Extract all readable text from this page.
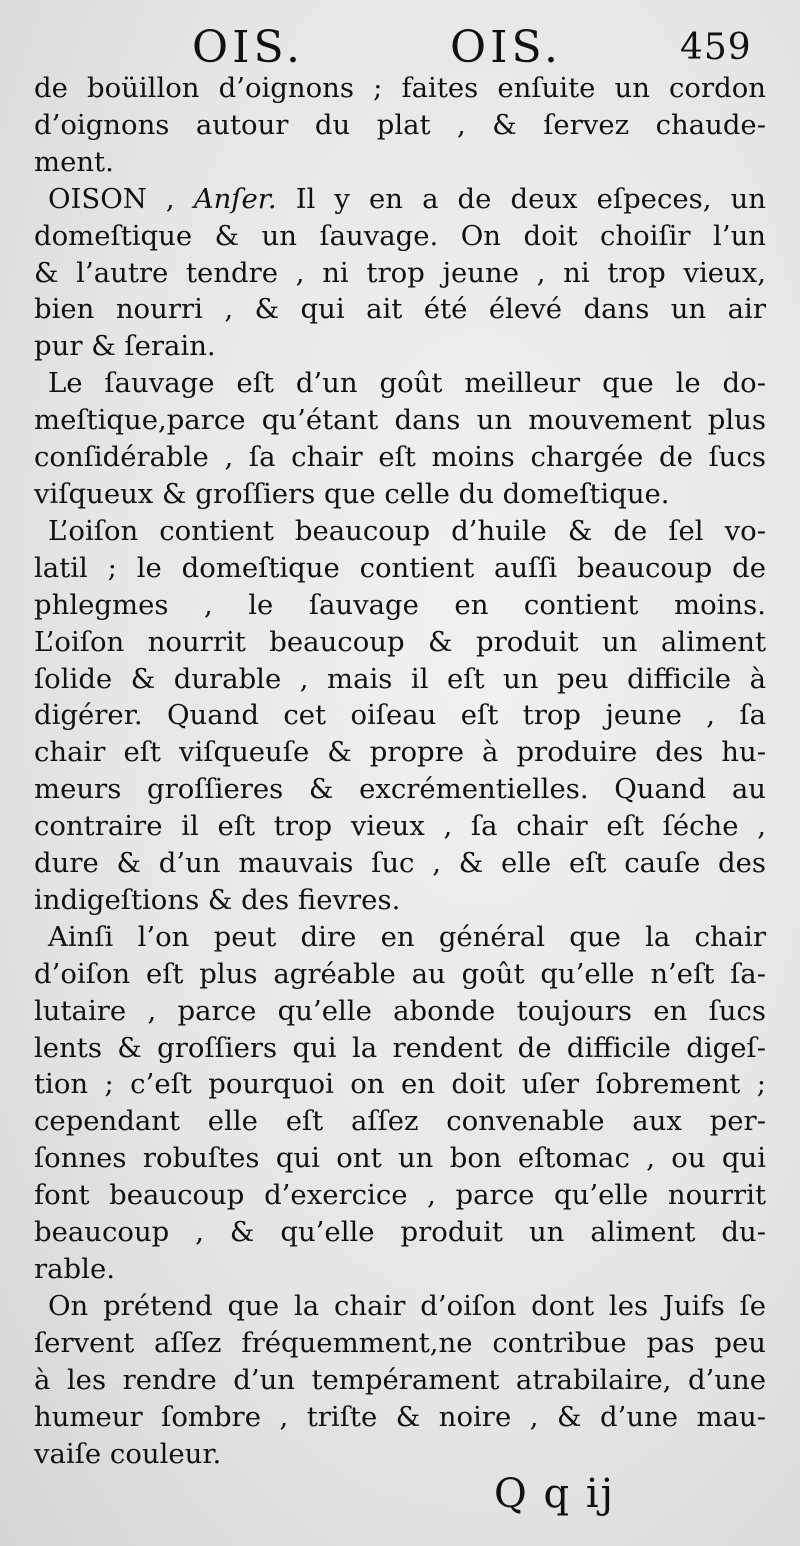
OIS.	OIS.	459
de boüillon d’oignons ; faites enſuite un cordon
d’oignons autour du plat , & ſervez chaude-
ment.
OISON , Anſer. Il y en a de deux eſpeces, un
domeſtique & un ſauvage. On doit choiſir l’un
& l’autre tendre , ni trop jeune , ni trop vieux,
bien nourri , & qui ait été élevé dans un air
pur & ſerain.
Le ſauvage eſt d’un goût meilleur que le do-
meſtique,parce qu’étant dans un mouvement plus
conſidérable , ſa chair eſt moins chargée de ſucs
viſqueux & groſſiers que celle du domeſtique.
L’oiſon contient beaucoup d’huile & de ſel vo-
latil ; le domeſtique contient auſſi beaucoup de
phlegmes , le ſauvage en contient moins.
L’oiſon nourrit beaucoup & produit un aliment
ſolide & durable , mais il eſt un peu difficile à
digérer. Quand cet oiſeau eſt trop jeune , ſa
chair eſt viſqueuſe & propre à produire des hu-
meurs groſſieres & excrémentielles. Quand au
contraire il eſt trop vieux , ſa chair eſt ſéche ,
dure & d’un mauvais ſuc , & elle eſt cauſe des
indigeſtions & des fievres.
Ainſi l’on peut dire en général que la chair
d’oiſon eſt plus agréable au goût qu’elle n’eſt ſa-
lutaire , parce qu’elle abonde toujours en ſucs
lents & groſſiers qui la rendent de difficile digeſ-
tion ; c’eſt pourquoi on en doit uſer ſobrement ;
cependant elle eſt aſſez convenable aux per-
ſonnes robuſtes qui ont un bon eſtomac , ou qui
font beaucoup d’exercice , parce qu’elle nourrit
beaucoup , & qu’elle produit un aliment du-
rable.
On prétend que la chair d’oiſon dont les Juifs ſe
ſervent aſſez fréquemment,ne contribue pas peu
à les rendre d’un tempérament atrabilaire, d’une
humeur ſombre , triſte & noire , & d’une mau-
vaiſe couleur.
Q q ij
